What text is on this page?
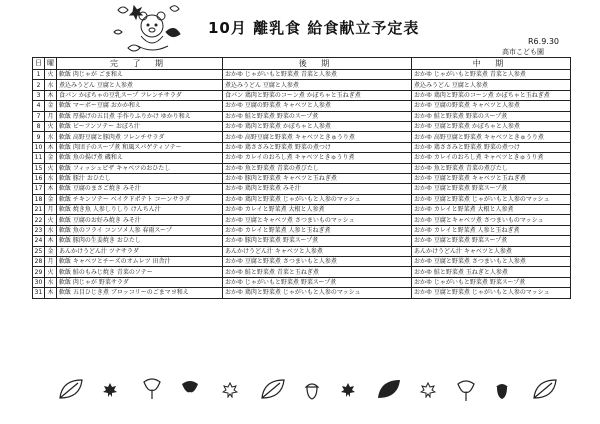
10月 離乳食 給食献立予定表
R6.9.30
高市こども園
日	曜	完 了 期	後 期	中 期
1	火	軟飯 肉じゃが ごま和え	おかゆ じゃがいもと野菜煮 青菜と人参煮	おかゆ じゃがいもと野菜煮 青菜と人参煮
2	水	煮込みうどん 豆腐と人参煮	煮込みうどん 豆腐と人参煮	煮込みうどん 豆腐と人参煮
3	木	食パン かぼちゃの豆乳スープ フレンチサラダ	食パン 鶏肉と野菜のコーン煮 かぼちゃと玉ねぎ煮	おかゆ 鶏肉と野菜のコーン煮 かぼちゃと玉ねぎ煮
4	金	軟飯 マーボー豆腐 おかか和え	おかゆ 豆腐の野菜煮 キャベツと人参煮	おかゆ 豆腐の野菜煮 キャベツと人参煮
7	月	軟飯 厚揚げの五目煮 手作りふりかけ ゆかり和え	おかゆ 鮭と野菜煮 野菜のスープ煮	おかゆ 鮭と野菜煮 野菜のスープ煮
8	火	軟飯 ビーフンソテー おぼろ汁	おかゆ 鶏肉と野菜煮 かぼちゃと人参煮	おかゆ 豆腐と野菜煮 かぼちゃと人参煮
9	水	軟飯 高野豆腐と豚肉煮 フレンチサラダ	おかゆ 高野豆腐と野菜煮 キャベツときゅうり煮	おかゆ 高野豆腐と野菜煮 キャベツときゅうり煮
10	木	軟飯 肉団子のスープ煮 和風スパゲティソテー	おかゆ 鶏ささみと野菜煮 野菜の煮つけ	おかゆ 鶏ささみと野菜煮 野菜の煮つけ
11	金	軟飯 魚の揚げ煮 磯和え	おかゆ カレイのおろし煮 キャベツときゅうり煮	おかゆ カレイのおろし煮 キャベツときゅうり煮
15	火	軟飯 フィッシュピザ キャベツのおひたし	おかゆ 魚と野菜煮 青菜の煮びたし	おかゆ 魚と野菜煮 青菜の煮びたし
16	水	軟飯 豚汁 おひたし	おかゆ 豚肉と野菜煮 キャベツと玉ねぎ煮	おかゆ 豆腐と野菜煮 キャベツと玉ねぎ煮
17	木	軟飯 豆腐のまさご焼き みそ汁	おかゆ 鶏肉と野菜煮 みそ汁	おかゆ 豆腐と野菜煮 野菜スープ煮
18	金	軟飯 チキンソテー ベイクドポテト コーンサラダ	おかゆ 鶏肉と野菜煮 じゃがいもと人参のマッシュ	おかゆ 豆腐と野菜煮 じゃがいもと人参のマッシュ
21	月	軟飯 焼き魚 人参しりしり けんちん汁	おかゆ カレイと野菜煮 大根と人参煮	おかゆ カレイと野菜煮 大根と人参煮
22	火	軟飯 豆腐のお好み焼き みそ汁	おかゆ 豆腐とキャベツ煮 さつまいものマッシュ	おかゆ 豆腐とキャベツ煮 さつまいものマッシュ
23	水	軟飯 魚のフライ コンソメ人参 春雨スープ	おかゆ カレイと野菜煮 人参と玉ねぎ煮	おかゆ カレイと野菜煮 人参と玉ねぎ煮
24	木	軟飯 豚肉の生姜焼き おひたし	おかゆ 豚肉と野菜煮 野菜スープ煮	おかゆ 豆腐と野菜煮 野菜スープ煮
25	金	あんかけうどん汁 ツナサラダ	あんかけうどん汁 キャベツと人参煮	あんかけうどん汁 キャベツと人参煮
28	月	軟飯 キャベツとチーズのオムレツ 田舎汁	おかゆ 豆腐と野菜煮 さつまいもと人参煮	おかゆ 豆腐と野菜煮 さつまいもと人参煮
29	火	軟飯 鮭のもみじ焼き 青菜のソテー	おかゆ 鮭と野菜煮 青菜と玉ねぎ煮	おかゆ 鮭と野菜煮 玉ねぎと人参煮
30	水	軟飯 肉じゃが 野菜サラダ	おかゆ じゃがいもと野菜煮 野菜スープ煮	おかゆ じゃがいもと野菜煮 野菜スープ煮
31	木	軟飯 五目ひじき煮 ブロッコリーのごまマヨ和え	おかゆ 鶏肉と野菜煮 じゃがいもと人参のマッシュ	おかゆ 豆腐と野菜煮 じゃがいもと人参のマッシュ
